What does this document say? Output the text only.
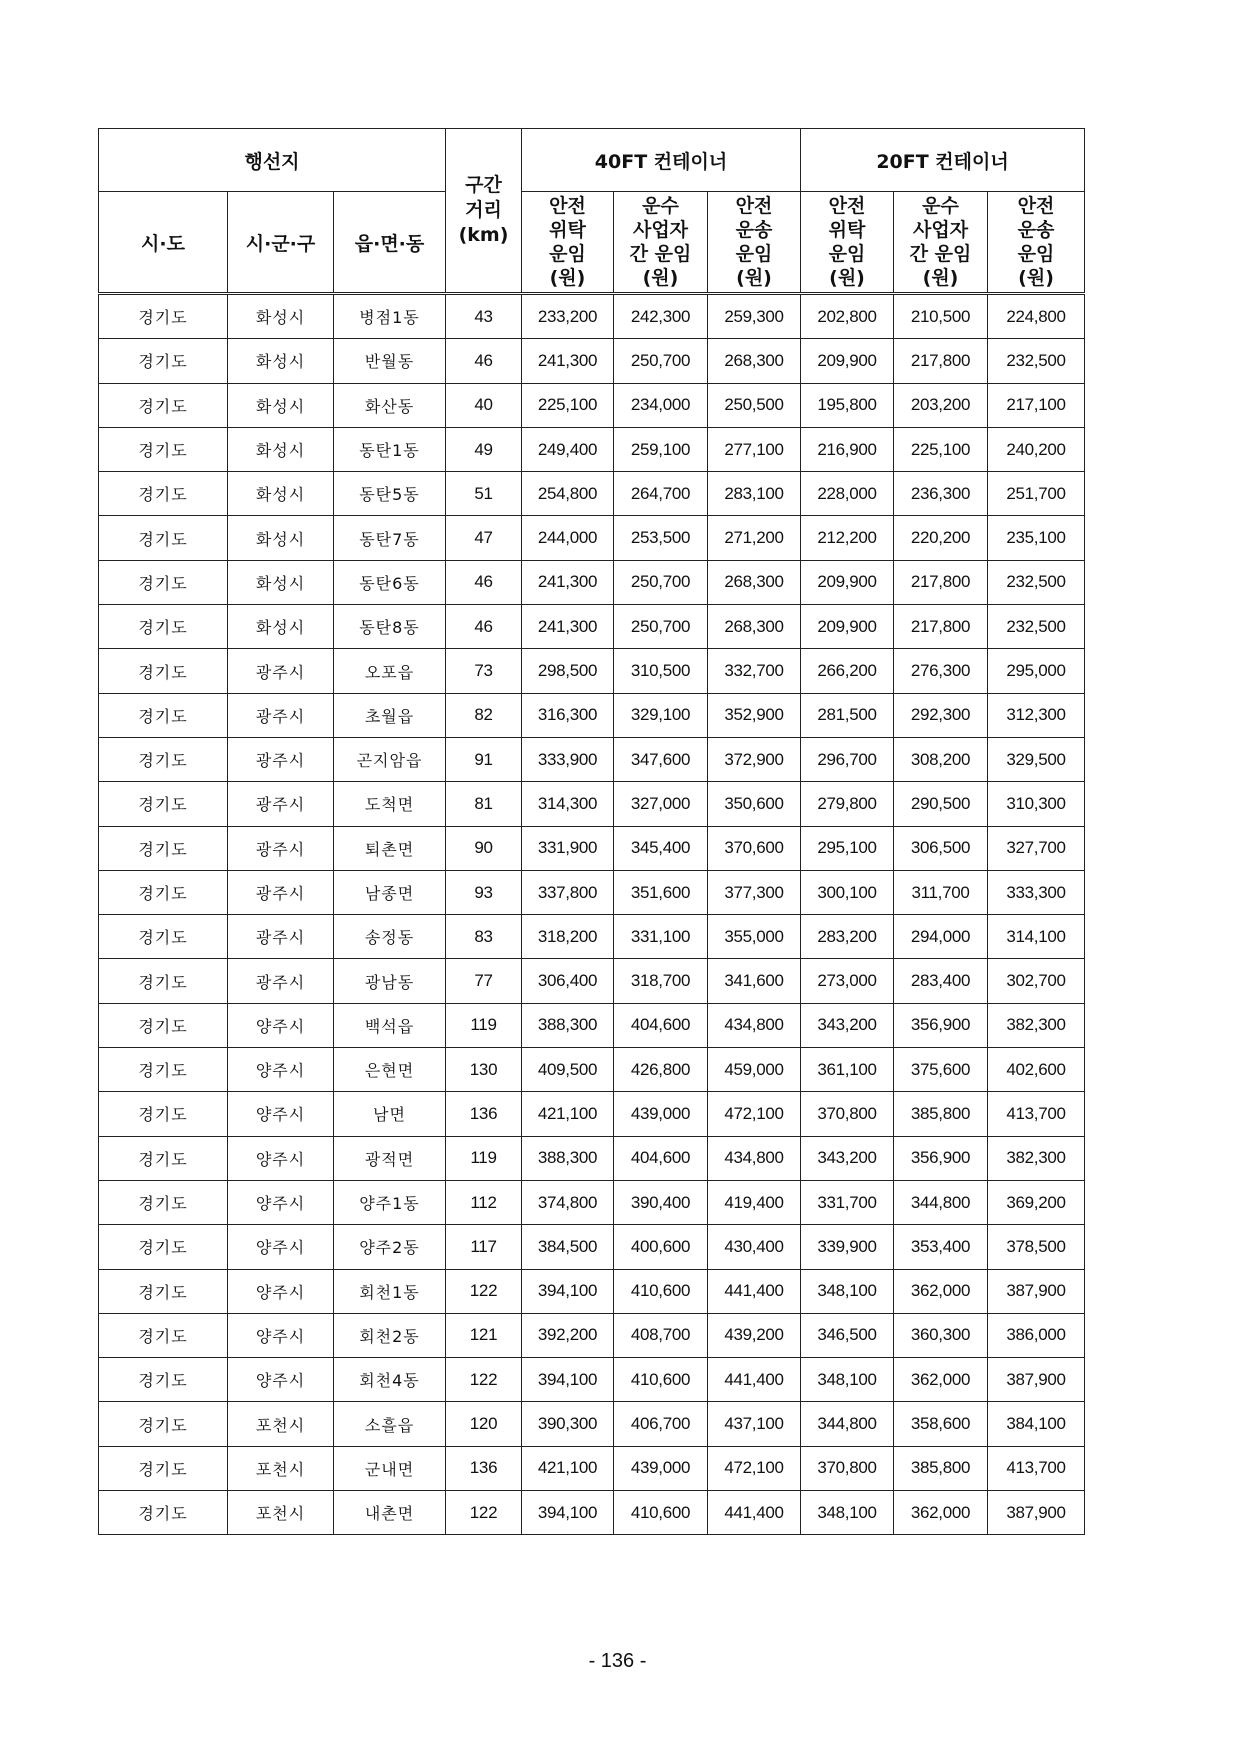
행선지			구간
거리
(km)	40FT 컨테이너			20FT 컨테이너		
시·도	시·군·구	읍·면·동		안전
위탁
운임
(원)	운수
사업자
간 운임
(원)	안전
운송
운임
(원)	안전
위탁
운임
(원)	운수
사업자
간 운임
(원)	안전
운송
운임
(원)
경기도	화성시	병점1동	43	233,200	242,300	259,300	202,800	210,500	224,800
경기도	화성시	반월동	46	241,300	250,700	268,300	209,900	217,800	232,500
경기도	화성시	화산동	40	225,100	234,000	250,500	195,800	203,200	217,100
경기도	화성시	동탄1동	49	249,400	259,100	277,100	216,900	225,100	240,200
경기도	화성시	동탄5동	51	254,800	264,700	283,100	228,000	236,300	251,700
경기도	화성시	동탄7동	47	244,000	253,500	271,200	212,200	220,200	235,100
경기도	화성시	동탄6동	46	241,300	250,700	268,300	209,900	217,800	232,500
경기도	화성시	동탄8동	46	241,300	250,700	268,300	209,900	217,800	232,500
경기도	광주시	오포읍	73	298,500	310,500	332,700	266,200	276,300	295,000
경기도	광주시	초월읍	82	316,300	329,100	352,900	281,500	292,300	312,300
경기도	광주시	곤지암읍	91	333,900	347,600	372,900	296,700	308,200	329,500
경기도	광주시	도척면	81	314,300	327,000	350,600	279,800	290,500	310,300
경기도	광주시	퇴촌면	90	331,900	345,400	370,600	295,100	306,500	327,700
경기도	광주시	남종면	93	337,800	351,600	377,300	300,100	311,700	333,300
경기도	광주시	송정동	83	318,200	331,100	355,000	283,200	294,000	314,100
경기도	광주시	광남동	77	306,400	318,700	341,600	273,000	283,400	302,700
경기도	양주시	백석읍	119	388,300	404,600	434,800	343,200	356,900	382,300
경기도	양주시	은현면	130	409,500	426,800	459,000	361,100	375,600	402,600
경기도	양주시	남면	136	421,100	439,000	472,100	370,800	385,800	413,700
경기도	양주시	광적면	119	388,300	404,600	434,800	343,200	356,900	382,300
경기도	양주시	양주1동	112	374,800	390,400	419,400	331,700	344,800	369,200
경기도	양주시	양주2동	117	384,500	400,600	430,400	339,900	353,400	378,500
경기도	양주시	회천1동	122	394,100	410,600	441,400	348,100	362,000	387,900
경기도	양주시	회천2동	121	392,200	408,700	439,200	346,500	360,300	386,000
경기도	양주시	회천4동	122	394,100	410,600	441,400	348,100	362,000	387,900
경기도	포천시	소흘읍	120	390,300	406,700	437,100	344,800	358,600	384,100
경기도	포천시	군내면	136	421,100	439,000	472,100	370,800	385,800	413,700
경기도	포천시	내촌면	122	394,100	410,600	441,400	348,100	362,000	387,900
- 136 -
